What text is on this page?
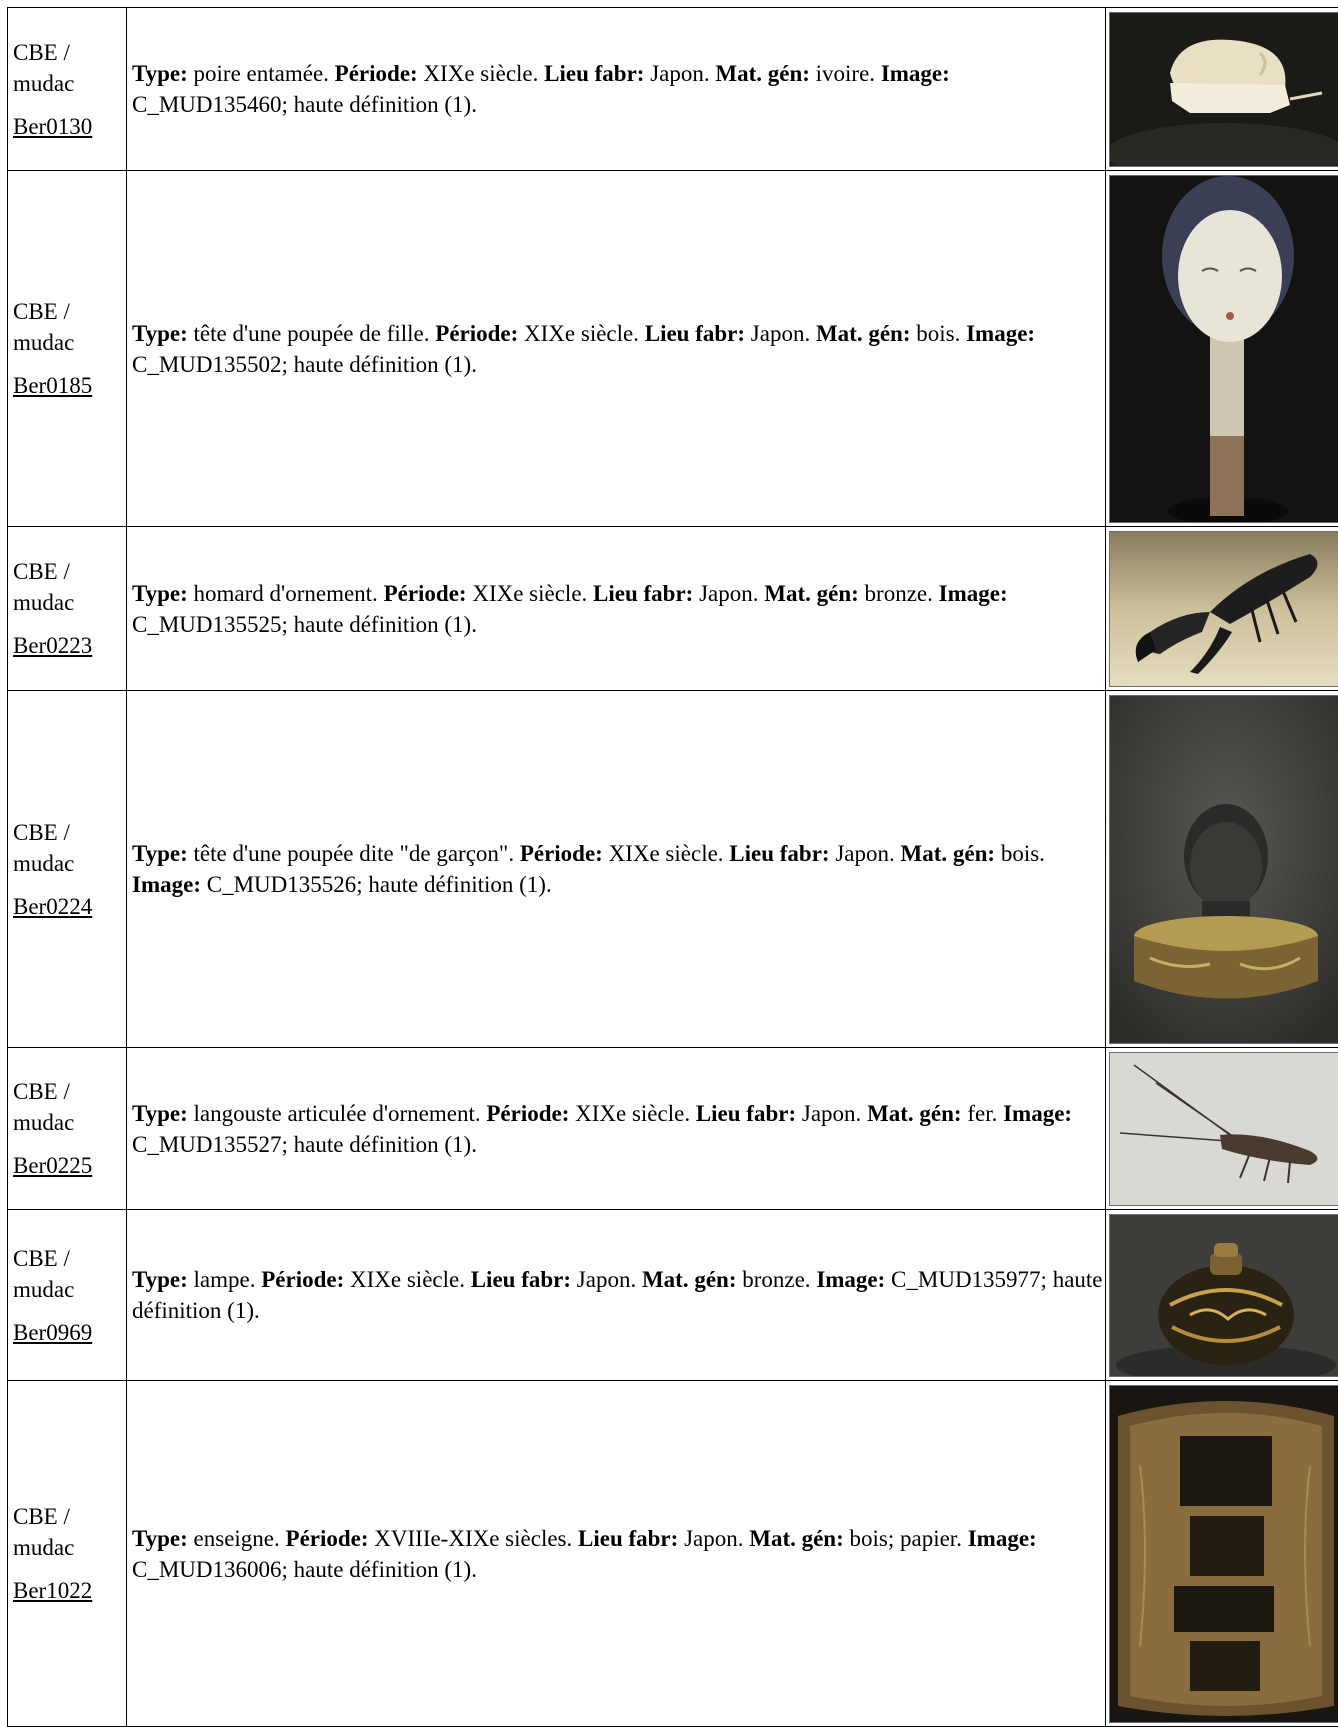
CBE /
mudac
Ber0130	Type: poire entamée. Période: XIXe siècle. Lieu fabr: Japon. Mat. gén: ivoire. Image: C_MUD135460; haute définition (1).	

CBE /
mudac
Ber0185	Type: tête d'une poupée de fille. Période: XIXe siècle. Lieu fabr: Japon. Mat. gén: bois. Image: C_MUD135502; haute définition (1).	

CBE /
mudac
Ber0223	Type: homard d'ornement. Période: XIXe siècle. Lieu fabr: Japon. Mat. gén: bronze. Image: C_MUD135525; haute définition (1).	

CBE /
mudac
Ber0224	Type: tête d'une poupée dite "de garçon". Période: XIXe siècle. Lieu fabr: Japon. Mat. gén: bois. Image: C_MUD135526; haute définition (1).	

CBE /
mudac
Ber0225	Type: langouste articulée d'ornement. Période: XIXe siècle. Lieu fabr: Japon. Mat. gén: fer. Image: C_MUD135527; haute définition (1).	

CBE /
mudac
Ber0969	Type: lampe. Période: XIXe siècle. Lieu fabr: Japon. Mat. gén: bronze. Image: C_MUD135977; haute définition (1).	

CBE /
mudac
Ber1022	Type: enseigne. Période: XVIIIe-XIXe siècles. Lieu fabr: Japon. Mat. gén: bois; papier. Image: C_MUD136006; haute définition (1).	
